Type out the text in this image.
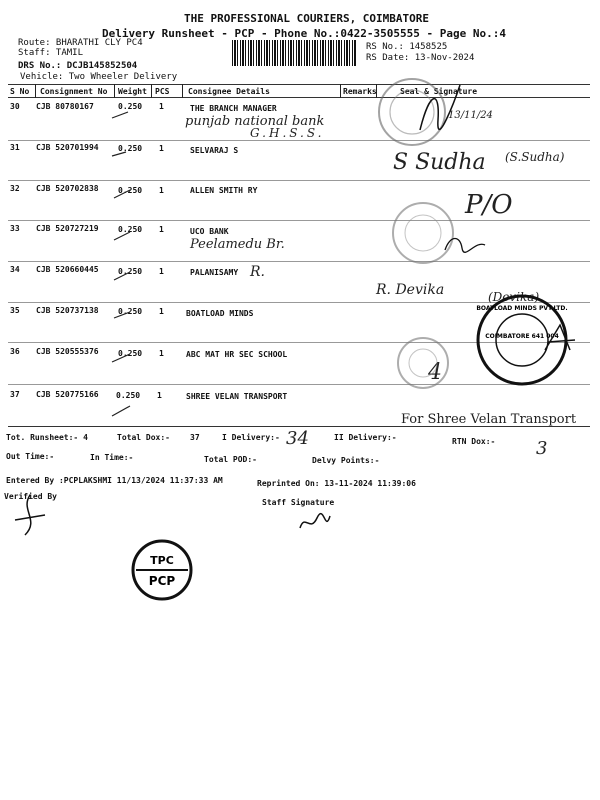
THE PROFESSIONAL COURIERS, COIMBATORE
Delivery Runsheet - PCP - Phone No.:0422-3505555 - Page No.:4
Route: BHARATHI CLY PC4
Staff: TAMIL
DRS No.: DCJB145852504
Vehicle: Two Wheeler Delivery
RS No.: 1458525
RS Date: 13-Nov-2024
S No Consignment No Weight PCS Consignee Details	Remarks	Seal & Signature
30 CJB 80780167	0.250 1	THE BRANCH MANAGER
punjab national bank
G.H.S.S.
31 CJB 520701994 0.250 1	SELVARAJ S
32 CJB 520702838 0.250 1	ALLEN SMITH RY
33 CJB 520727219 0.250 1	UCO BANK
Peelamedu Br.
34 CJB 520660445 0.250 1	PALANISAMY R.
35 CJB 520737138 0.250 1	BOATLOAD MINDS
36 CJB 520555376 0.250 1	ABC MAT HR SEC SCHOOL
37 CJB 520775166 0.250 1	SHREE VELAN TRANSPORT
13/11/24
S Sudha (S.Sudha)
P/O
R. Devika	(Devika)
4
For Shree Velan Transport
COIMBATORE 641 004
BOATLOAD MINDS PVT.LTD.
Tot. Runsheet:- 4	Total Dox:-	37	I Delivery:- 34	II Delivery:-	RTN Dox:- 3
Out Time:-	In Time:-	Total POD:-	Delvy Points:-
Entered By :PCPLAKSHMI 11/13/2024 11:37:33 AM	Reprinted On: 13-11-2024 11:39:06
Verified By
Staff Signature
TPC
PCP
